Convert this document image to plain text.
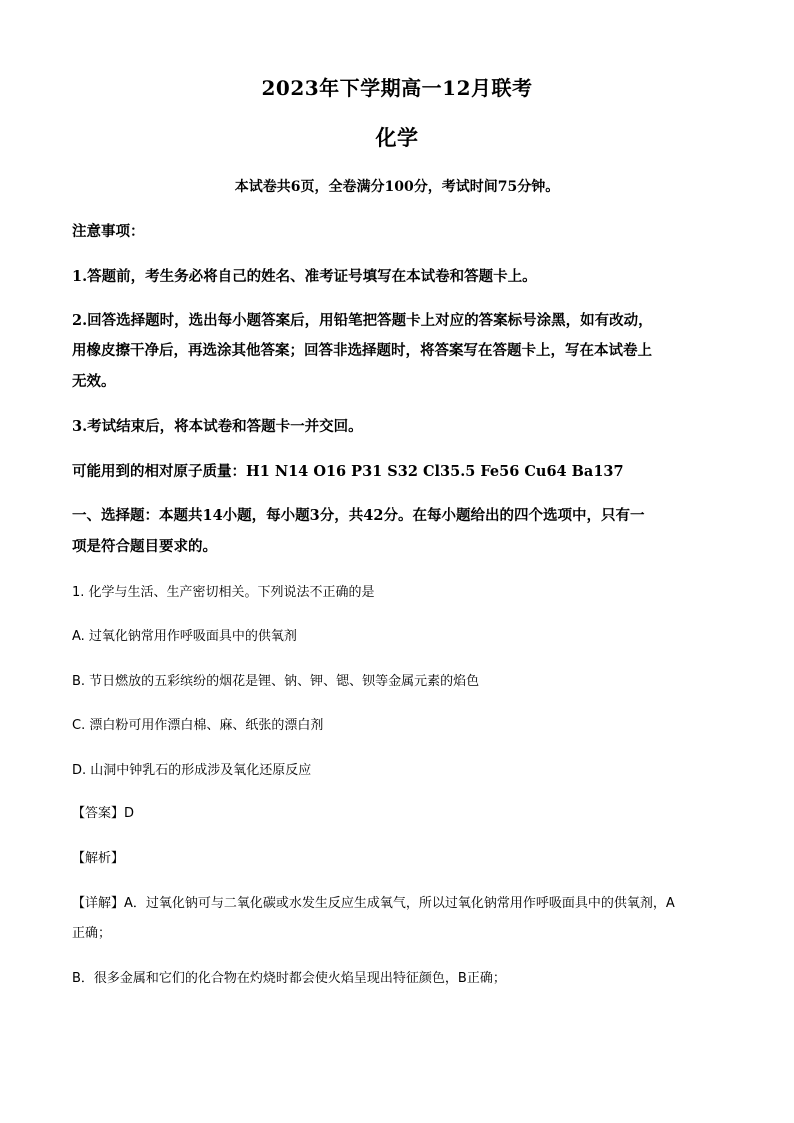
2023年下学期高一12月联考
化学
本试卷共6页，全卷满分100分，考试时间75分钟。
注意事项：
1.答题前，考生务必将自己的姓名、准考证号填写在本试卷和答题卡上。
2.回答选择题时，选出每小题答案后，用铅笔把答题卡上对应的答案标号涂黑，如有改动，
用橡皮擦干净后，再选涂其他答案；回答非选择题时，将答案写在答题卡上，写在本试卷上
无效。
3.考试结束后，将本试卷和答题卡一并交回。
可能用到的相对原子质量：H1 N14 O16 P31 S32 Cl35.5 Fe56 Cu64 Ba137
一、选择题：本题共14小题，每小题3分，共42分。在每小题给出的四个选项中，只有一
项是符合题目要求的。
1. 化学与生活、生产密切相关。下列说法不正确的是
A. 过氧化钠常用作呼吸面具中的供氧剂
B. 节日燃放的五彩缤纷的烟花是锂、钠、钾、锶、钡等金属元素的焰色
C. 漂白粉可用作漂白棉、麻、纸张的漂白剂
D. 山洞中钟乳石的形成涉及氧化还原反应
【答案】D
【解析】
【详解】A．过氧化钠可与二氧化碳或水发生反应生成氧气，所以过氧化钠常用作呼吸面具中的供氧剂，A
正确；
B．很多金属和它们的化合物在灼烧时都会使火焰呈现出特征颜色，B正确；
